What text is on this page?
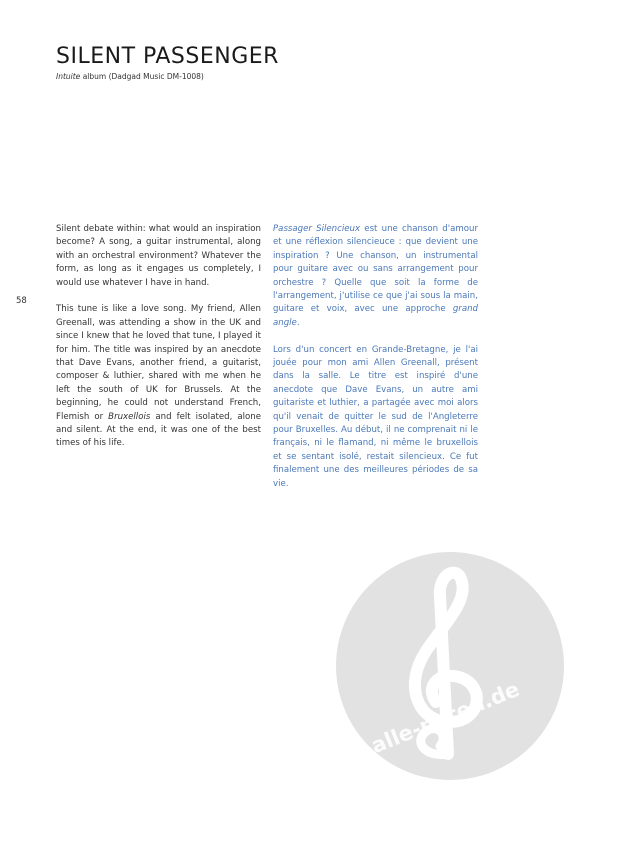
SILENT PASSENGER

Intuite album (Dadgad Music DM-1008)

58

Silent debate within: what would an inspiration become? A song, a guitar instrumental, along with an orchestral environment? Whatever the form, as long as it engages us completely, I would use whatever I have in hand.

This tune is like a love song. My friend, Allen Greenall, was attending a show in the UK and since I knew that he loved that tune, I played it for him. The title was inspired by an anecdote that Dave Evans, another friend, a guitarist, composer & luthier, shared with me when he left the south of UK for Brussels. At the beginning, he could not understand French, Flemish or Bruxellois and felt isolated, alone and silent. At the end, it was one of the best times of his life.

Passager Silencieux est une chanson d'amour et une réflexion silencieuce : que devient une inspiration ? Une chanson, un instrumental pour guitare avec ou sans arrangement pour orchestre ? Quelle que soit la forme de l'arrangement, j'utilise ce que j'ai sous la main, guitare et voix, avec une approche grand angle.

Lors d'un concert en Grande-Bretagne, je l'ai jouée pour mon ami Allen Greenall, présent dans la salle. Le titre est inspiré d'une anecdote que Dave Evans, un autre ami guitariste et luthier, a partagée avec moi alors qu'il venait de quitter le sud de l'Angleterre pour Bruxelles. Au début, il ne comprenait ni le français, ni le flamand, ni même le bruxellois et se sentant isolé, restait silencieux. Ce fut finalement une des meilleures périodes de sa vie.

alle-noten.de
